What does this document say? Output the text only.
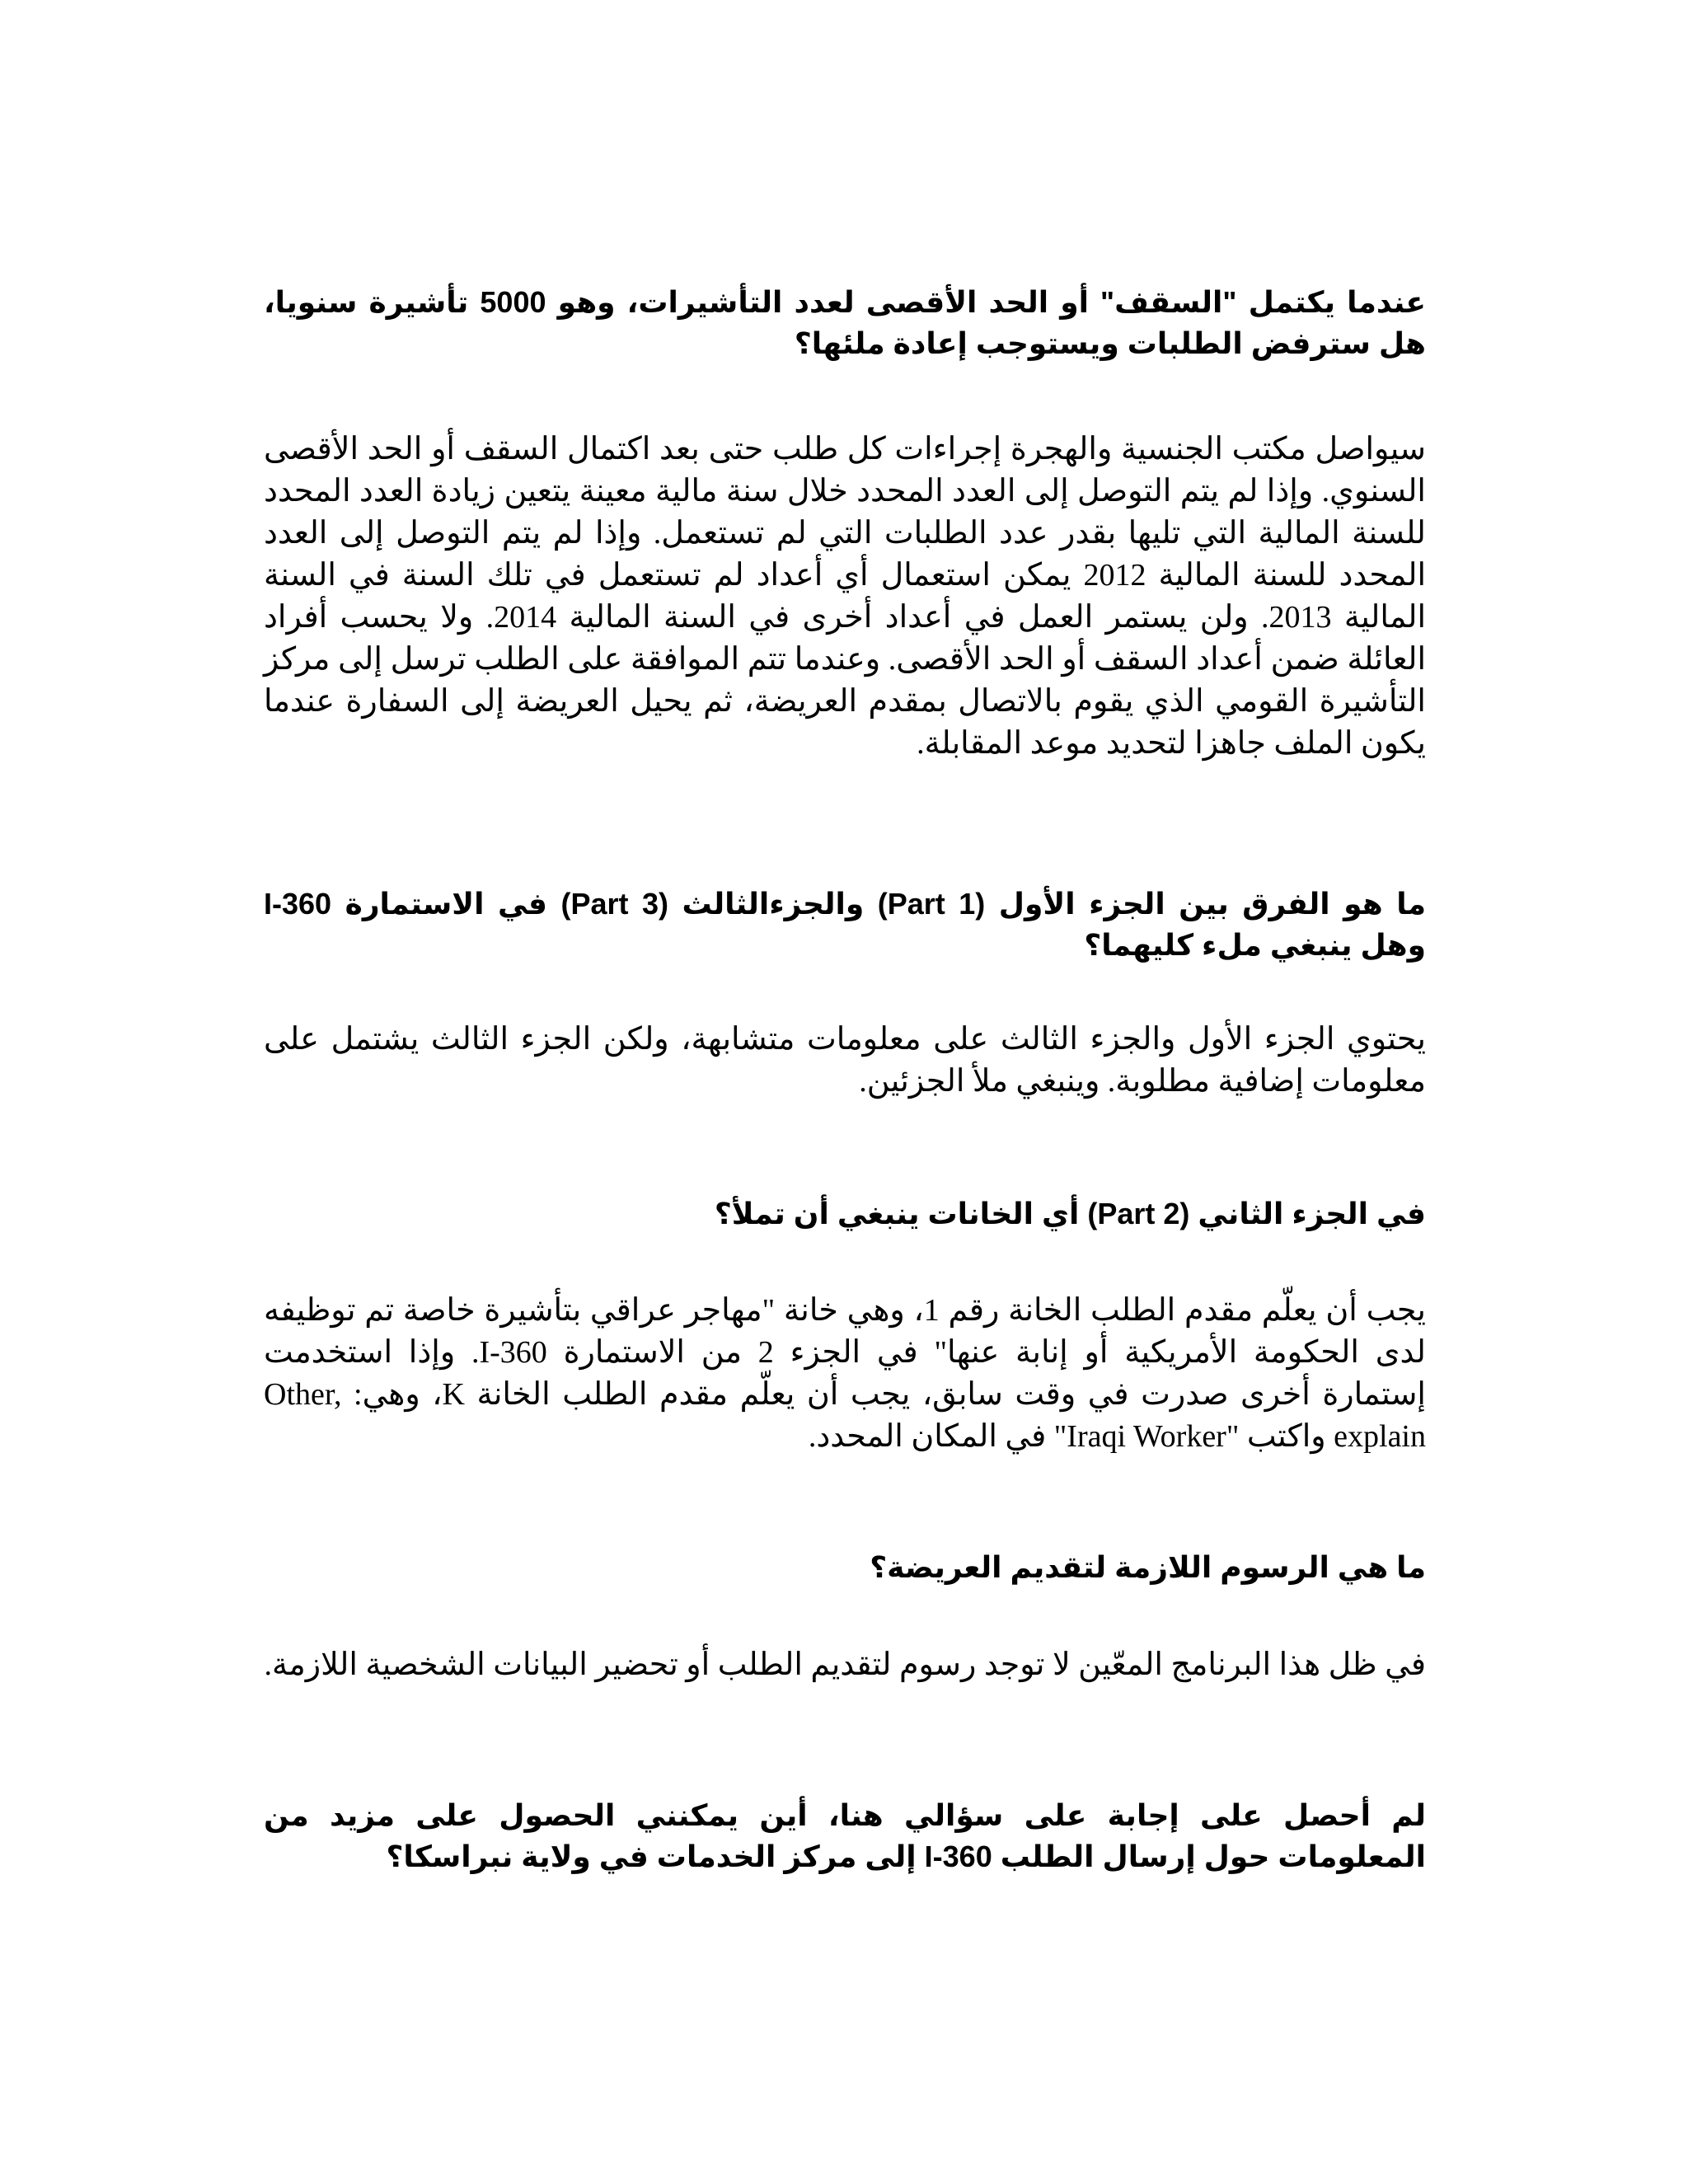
عندما يكتمل "السقف" أو الحد الأقصى لعدد التأشيرات، وهو 5000 تأشيرة سنويا، هل سترفض الطلبات ويستوجب إعادة ملئها؟
سيواصل مكتب الجنسية والهجرة إجراءات كل طلب حتى بعد اكتمال السقف أو الحد الأقصى السنوي. وإذا لم يتم التوصل إلى العدد المحدد خلال سنة مالية معينة يتعين زيادة العدد المحدد للسنة المالية التي تليها بقدر عدد الطلبات التي لم تستعمل. وإذا لم يتم التوصل إلى العدد المحدد للسنة المالية 2012 يمكن استعمال أي أعداد لم تستعمل في تلك السنة في السنة المالية 2013. ولن يستمر العمل في أعداد أخرى في السنة المالية 2014. ولا يحسب أفراد العائلة ضمن أعداد السقف أو الحد الأقصى. وعندما تتم الموافقة على الطلب ترسل إلى مركز التأشيرة القومي الذي يقوم بالاتصال بمقدم العريضة، ثم يحيل العريضة إلى السفارة عندما يكون الملف جاهزا لتحديد موعد المقابلة.
ما هو الفرق بين الجزء الأول (Part 1) والجزءالثالث (Part 3) في الاستمارة I-360 وهل ينبغي ملء كليهما؟
يحتوي الجزء الأول والجزء الثالث على معلومات متشابهة، ولكن الجزء الثالث يشتمل على معلومات إضافية مطلوبة. وينبغي ملأ الجزئين.
في الجزء الثاني (Part 2) أي الخانات ينبغي أن تملأ؟
يجب أن يعلّم مقدم الطلب الخانة رقم 1، وهي خانة "مهاجر عراقي بتأشيرة خاصة تم توظيفه لدى الحكومة الأمريكية أو إنابة عنها" في الجزء 2 من الاستمارة I-360. وإذا استخدمت إستمارة أخرى صدرت في وقت سابق، يجب أن يعلّم مقدم الطلب الخانة K، وهي: Other, explain واكتب "Iraqi Worker" في المكان المحدد.
ما هي الرسوم اللازمة لتقديم العريضة؟
في ظل هذا البرنامج المعّين لا توجد رسوم لتقديم الطلب أو تحضير البيانات الشخصية اللازمة.
لم أحصل على إجابة على سؤالي هنا، أين يمكنني الحصول على مزيد من المعلومات حول إرسال الطلب I-360 إلى مركز الخدمات في ولاية نبراسكا؟
